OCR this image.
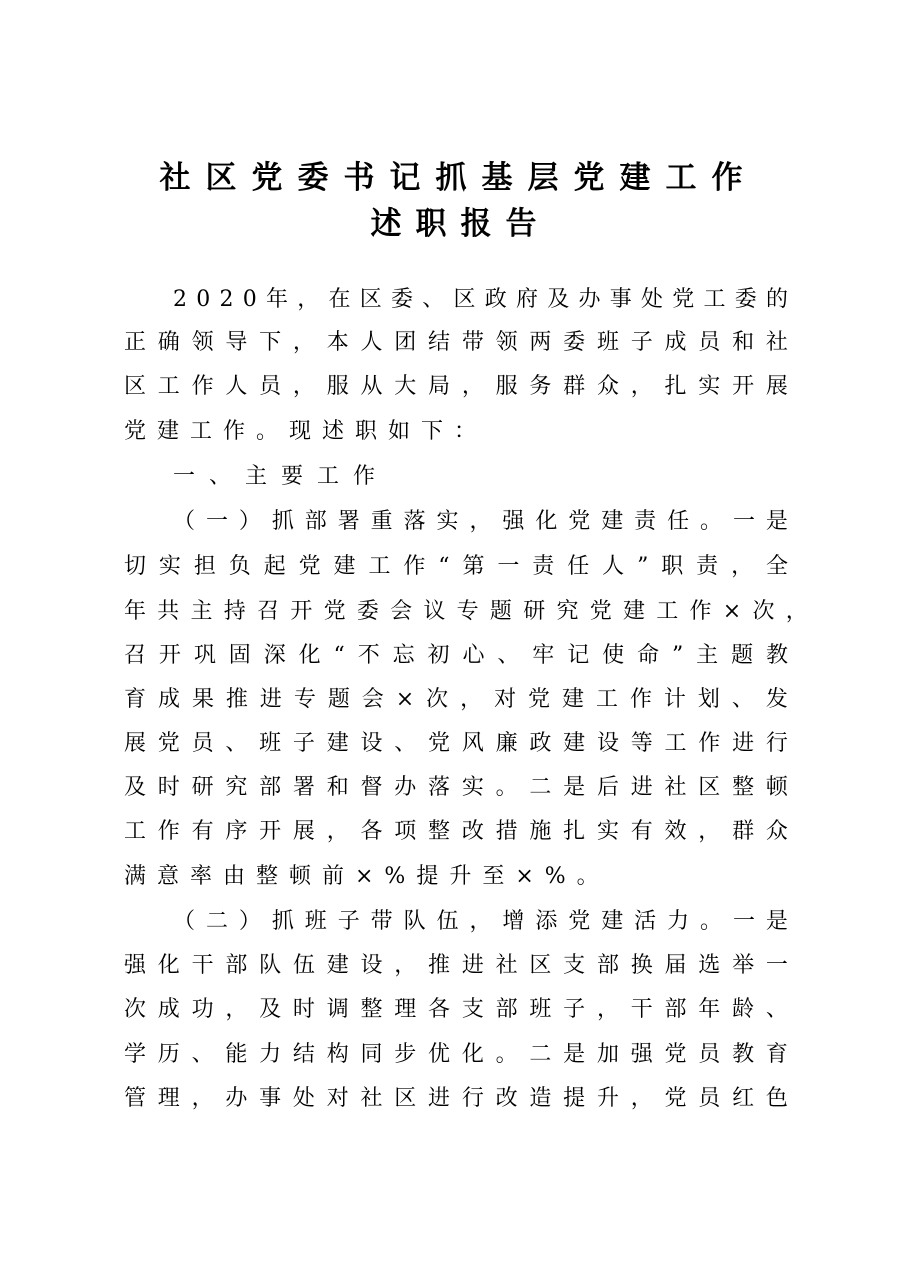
社区党委书记抓基层党建工作
述职报告
2 0 2 0 年 ， 在 区 委 、 区 政 府 及 办 事 处 党 工 委 的
正 确 领 导 下 ， 本 人 团 结 带 领 两 委 班 子 成 员 和 社
区 工 作 人 员 ， 服 从 大 局 ， 服 务 群 众 ， 扎 实 开 展
党建工作。现述职如下：
一、主要工作
（ 一 ） 抓 部 署 重 落 实 ， 强 化 党 建 责 任 。 一 是
切 实 担 负 起 党 建 工 作 “ 第 一 责 任 人 ” 职 责 ， 全
年 共 主 持 召 开 党 委 会 议 专 题 研 究 党 建 工 作 × 次 ，
召 开 巩 固 深 化 “ 不 忘 初 心 、 牢 记 使 命 ” 主 题 教
育 成 果 推 进 专 题 会 × 次 ， 对 党 建 工 作 计 划 、 发
展 党 员 、 班 子 建 设 、 党 风 廉 政 建 设 等 工 作 进 行
及 时 研 究 部 署 和 督 办 落 实 。 二 是 后 进 社 区 整 顿
工 作 有 序 开 展 ， 各 项 整 改 措 施 扎 实 有 效 ， 群 众
满意率由整顿前×%提升至×%。
（ 二 ） 抓 班 子 带 队 伍 ， 增 添 党 建 活 力 。 一 是
强 化 干 部 队 伍 建 设 ， 推 进 社 区 支 部 换 届 选 举 一
次 成 功 ， 及 时 调 整 理 各 支 部 班 子 ， 干 部 年 龄 、
学 历 、 能 力 结 构 同 步 优 化 。 二 是 加 强 党 员 教 育
管 理 ， 办 事 处 对 社 区 进 行 改 造 提 升 ， 党 员 红 色
